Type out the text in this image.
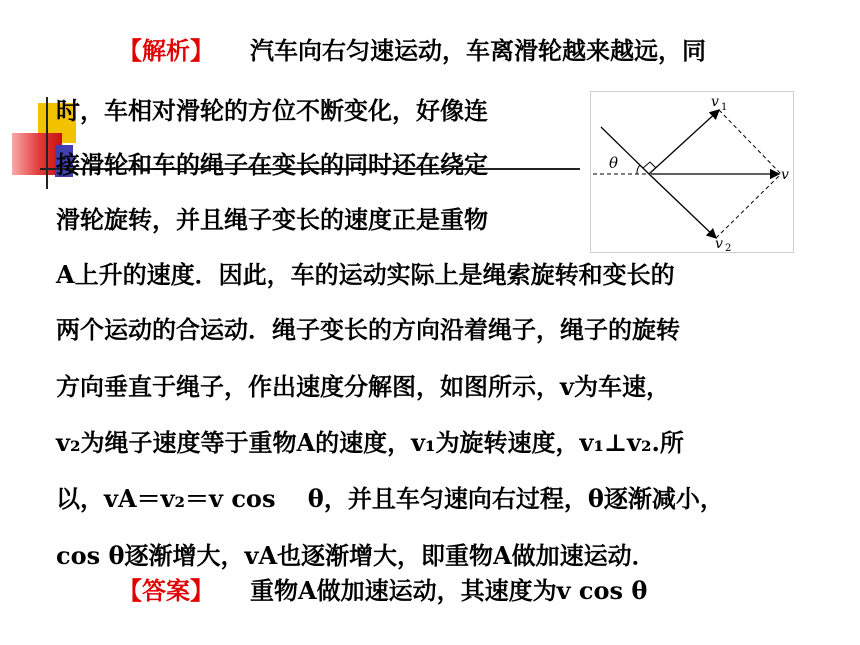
【解析】 汽车向右匀速运动，车离滑轮越来越远，同
时，车相对滑轮的方位不断变化，好像连
接滑轮和车的绳子在变长的同时还在绕定
滑轮旋转，并且绳子变长的速度正是重物
A上升的速度．因此，车的运动实际上是绳索旋转和变长的
两个运动的合运动．绳子变长的方向沿着绳子，绳子的旋转
方向垂直于绳子，作出速度分解图，如图所示，v为车速，
v₂为绳子速度等于重物A的速度，v₁为旋转速度，v₁⊥v₂.所
以，vA＝v₂＝v cos　 θ，并且车匀速向右过程，θ逐渐减小，
cos θ逐渐增大，vA也逐渐增大，即重物A做加速运动．
【答案】 重物A做加速运动，其速度为v cos θ
θ
v 1
v 2
v
